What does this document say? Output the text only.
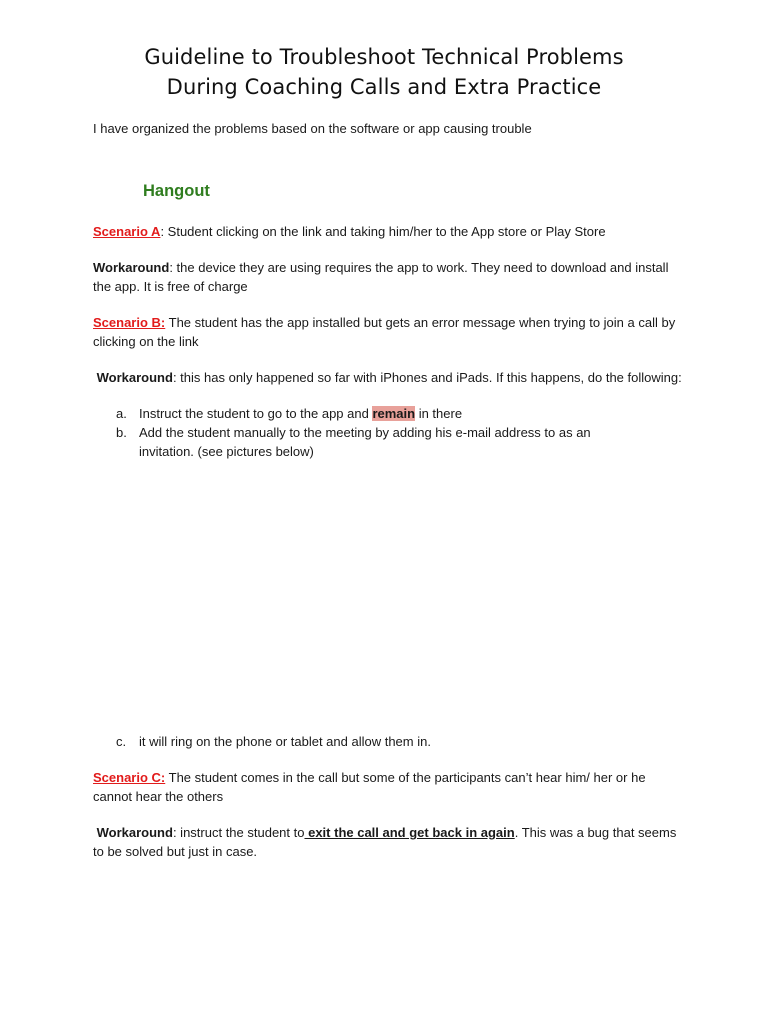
Guideline to Troubleshoot Technical Problems
During Coaching Calls and Extra Practice
I have organized the problems based on the software or app causing trouble
Hangout
Scenario A: Student clicking on the link and taking him/her to the App store or Play Store
Workaround: the device they are using requires the app to work. They need to download and install the app. It is free of charge
Scenario B: The student has the app installed but gets an error message when trying to join a call by clicking on the link
Workaround: this has only happened so far with iPhones and iPads. If this happens, do the following:
a. Instruct the student to go to the app and remain in there
b. Add the student manually to the meeting by adding his e-mail address to as an invitation. (see pictures below)
c. it will ring on the phone or tablet and allow them in.
Scenario C: The student comes in the call but some of the participants can’t hear him/ her or he cannot hear the others
Workaround: instruct the student to exit the call and get back in again. This was a bug that seems to be solved but just in case.
